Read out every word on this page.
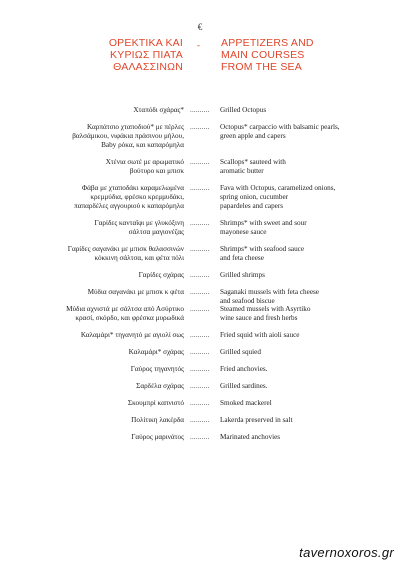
€
ΟΡΕΚΤΙΚΑ ΚΑΙ
ΚΥΡΙΩΣ ΠΙΑΤΑ
ΘΑΛΑΣΣΙΝΩΝ
- APPETIZERS AND
MAIN COURSES
FROM THE SEA
Χταπόδι σχάρας* .......... Grilled Octopus
Καρπάτσιο χταποδιού* με πέρλες
βαλσάμικου, νιφάκια πράσινου μήλου,
Baby ρόκα, και καπαρόμηλα
.......... Octopus* carpaccio with balsamic pearls,
green apple and capers
Χτένια σωτέ με αρωματικό
βούτυρο και μπισκ
.......... Scallops* sauteed with
aromatic butter
Φάβα με χταποδάκι καραμελωμένα
κρεμμύδια, φρέσκο κρεμμυδάκι,
παπαρδέλες αγγουριού κ καπαρόμηλα
.......... Fava with Octopus, caramelized onions,
spring onion, cucumber
papardeles and capers
Γαρίδες κανταΐφι με γλυκόξινη
σάλτσα μαγιονέζας
.......... Shrimps* with sweet and sour
mayonese sauce
Γαρίδες σαγανάκι με μπισκ θαλασσινών
κόκκινη σάλτσα, και φέτα πόλι
.......... Shrimps* with seafood sauce
and feta cheese
Γαρίδες σχάρας .......... Grilled shrimps
Μύδια σαγανάκι με μπισκ κ φέτα .......... Saganaki mussels with feta cheese
and seafood biscue
Μύδια αχνιστά με σάλτσα από Ασύρτικο
κρασί, σκόρδο, και φρέσκα μυρωδικά
.......... Steamed mussels with Asyrtiko
wine sauce and fresh herbs
Καλαμάρι* τηγανητό με αγιολί σως .......... Fried squid with aioli sauce
Καλαμάρι* σχάρας .......... Grilled squied
Γαύρος τηγανητός .......... Fried anchovies.
Σαρδέλα σχάρας .......... Grilled sardines.
Σκουμπρί καπνιστό .......... Smoked mackerel
Πολίτικη λακέρδα .......... Lakerda preserved in salt
Γαύρος μαρινάτος .......... Marinated anchovies
tavernoxoros.gr
